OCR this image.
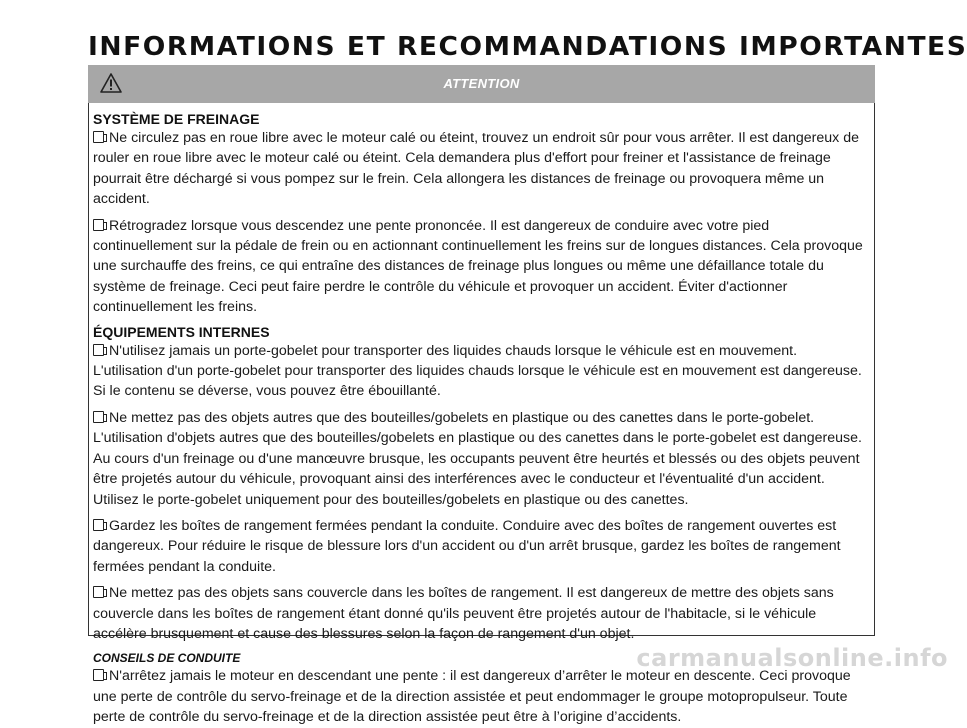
INFORMATIONS ET RECOMMANDATIONS IMPORTANTES
ATTENTION
SYSTÈME DE FREINAGE

Ne circulez pas en roue libre avec le moteur calé ou éteint, trouvez un endroit sûr pour vous arrêter. Il est dangereux de rouler en roue libre avec le moteur calé ou éteint. Cela demandera plus d'effort pour freiner et l'assistance de freinage pourrait être déchargé si vous pompez sur le frein. Cela allongera les distances de freinage ou provoquera même un accident.

Rétrogradez lorsque vous descendez une pente prononcée. Il est dangereux de conduire avec votre pied continuellement sur la pédale de frein ou en actionnant continuellement les freins sur de longues distances. Cela provoque une surchauffe des freins, ce qui entraîne des distances de freinage plus longues ou même une défaillance totale du système de freinage. Ceci peut faire perdre le contrôle du véhicule et provoquer un accident. Éviter d'actionner continuellement les freins.

ÉQUIPEMENTS INTERNES

N'utilisez jamais un porte-gobelet pour transporter des liquides chauds lorsque le véhicule est en mouvement. L'utilisation d'un porte-gobelet pour transporter des liquides chauds lorsque le véhicule est en mouvement est dangereuse. Si le contenu se déverse, vous pouvez être ébouillanté.

Ne mettez pas des objets autres que des bouteilles/gobelets en plastique ou des canettes dans le porte-gobelet. L'utilisation d'objets autres que des bouteilles/gobelets en plastique ou des canettes dans le porte-gobelet est dangereuse. Au cours d'un freinage ou d'une manœuvre brusque, les occupants peuvent être heurtés et blessés ou des objets peuvent être projetés autour du véhicule, provoquant ainsi des interférences avec le conducteur et l'éventualité d'un accident. Utilisez le porte-gobelet uniquement pour des bouteilles/gobelets en plastique ou des canettes.

Gardez les boîtes de rangement fermées pendant la conduite. Conduire avec des boîtes de rangement ouvertes est dangereux. Pour réduire le risque de blessure lors d'un accident ou d'un arrêt brusque, gardez les boîtes de rangement fermées pendant la conduite.

Ne mettez pas des objets sans couvercle dans les boîtes de rangement. Il est dangereux de mettre des objets sans couvercle dans les boîtes de rangement étant donné qu'ils peuvent être projetés autour de l'habitacle, si le véhicule accélère brusquement et cause des blessures selon la façon de rangement d'un objet.

CONSEILS DE CONDUITE

N'arrêtez jamais le moteur en descendant une pente : il est dangereux d’arrêter le moteur en descente. Ceci provoque une perte de contrôle du servo-freinage et de la direction assistée et peut endommager le groupe motopropulseur. Toute perte de contrôle du servo-freinage et de la direction assistée peut être à l’origine d’accidents.

carmanualsonline.info
